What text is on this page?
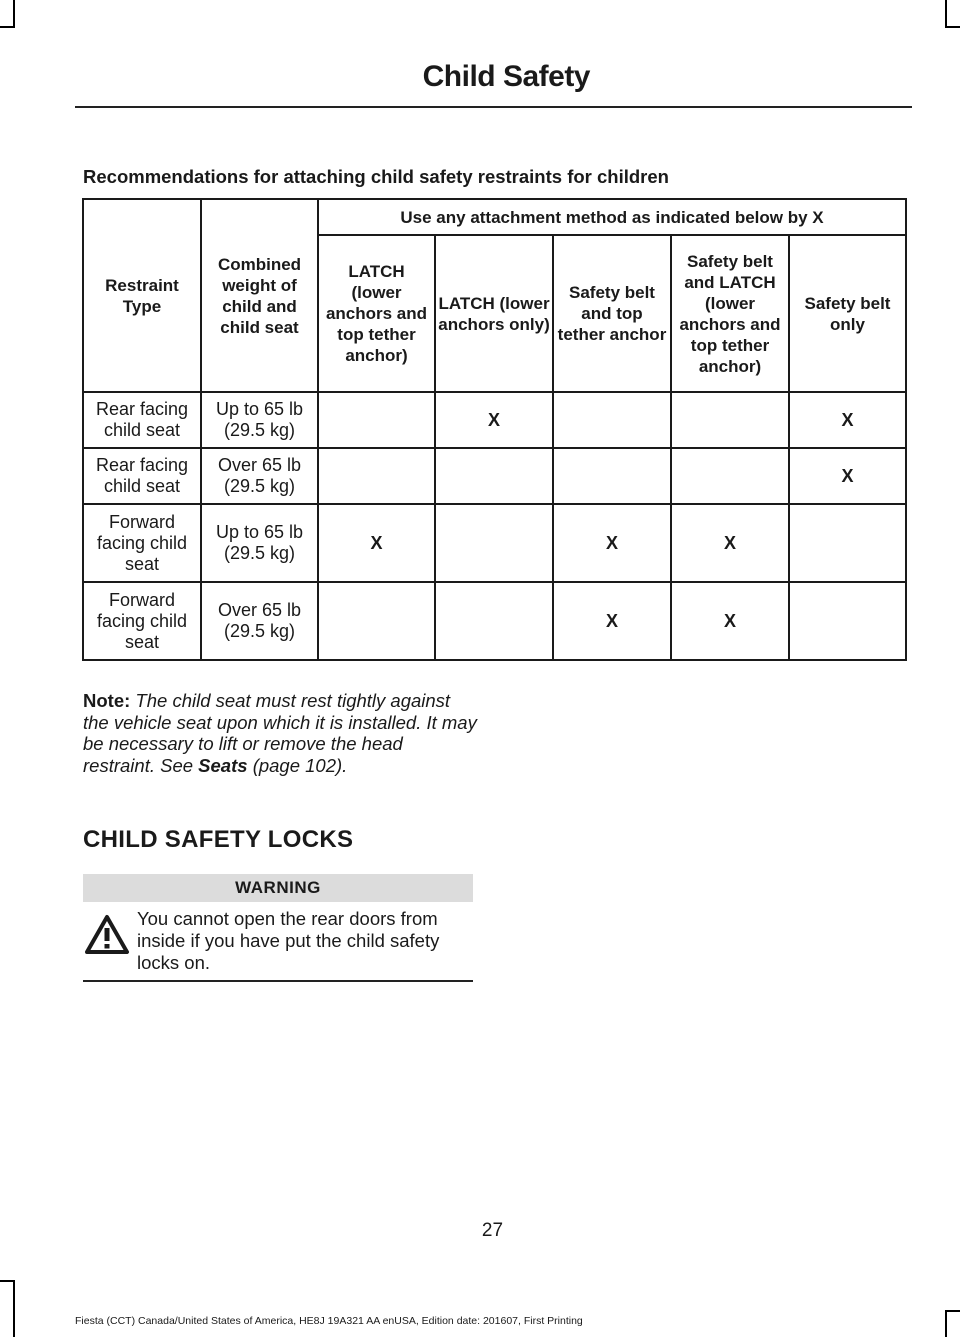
Child Safety
Recommendations for attaching child safety restraints for children
Restraint Type	Combined weight of child and child seat	Use any attachment method as indicated below by X				
		LATCH (lower anchors and top tether anchor)	LATCH (lower anchors only)	Safety belt and top tether anchor	Safety belt and LATCH (lower anchors and top tether anchor)	Safety belt only
Rear facing child seat	Up to 65 lb (29.5 kg)		X			X
Rear facing child seat	Over 65 lb (29.5 kg)					X
Forward facing child seat	Up to 65 lb (29.5 kg)	X		X	X	
Forward facing child seat	Over 65 lb (29.5 kg)			X	X	
Note: The child seat must rest tightly against the vehicle seat upon which it is installed. It may be necessary to lift or remove the head restraint. See Seats (page 102).
CHILD SAFETY LOCKS
WARNING
You cannot open the rear doors from inside if you have put the child safety locks on.
27
Fiesta (CCT) Canada/United States of America, HE8J 19A321 AA enUSA, Edition date: 201607, First Printing
